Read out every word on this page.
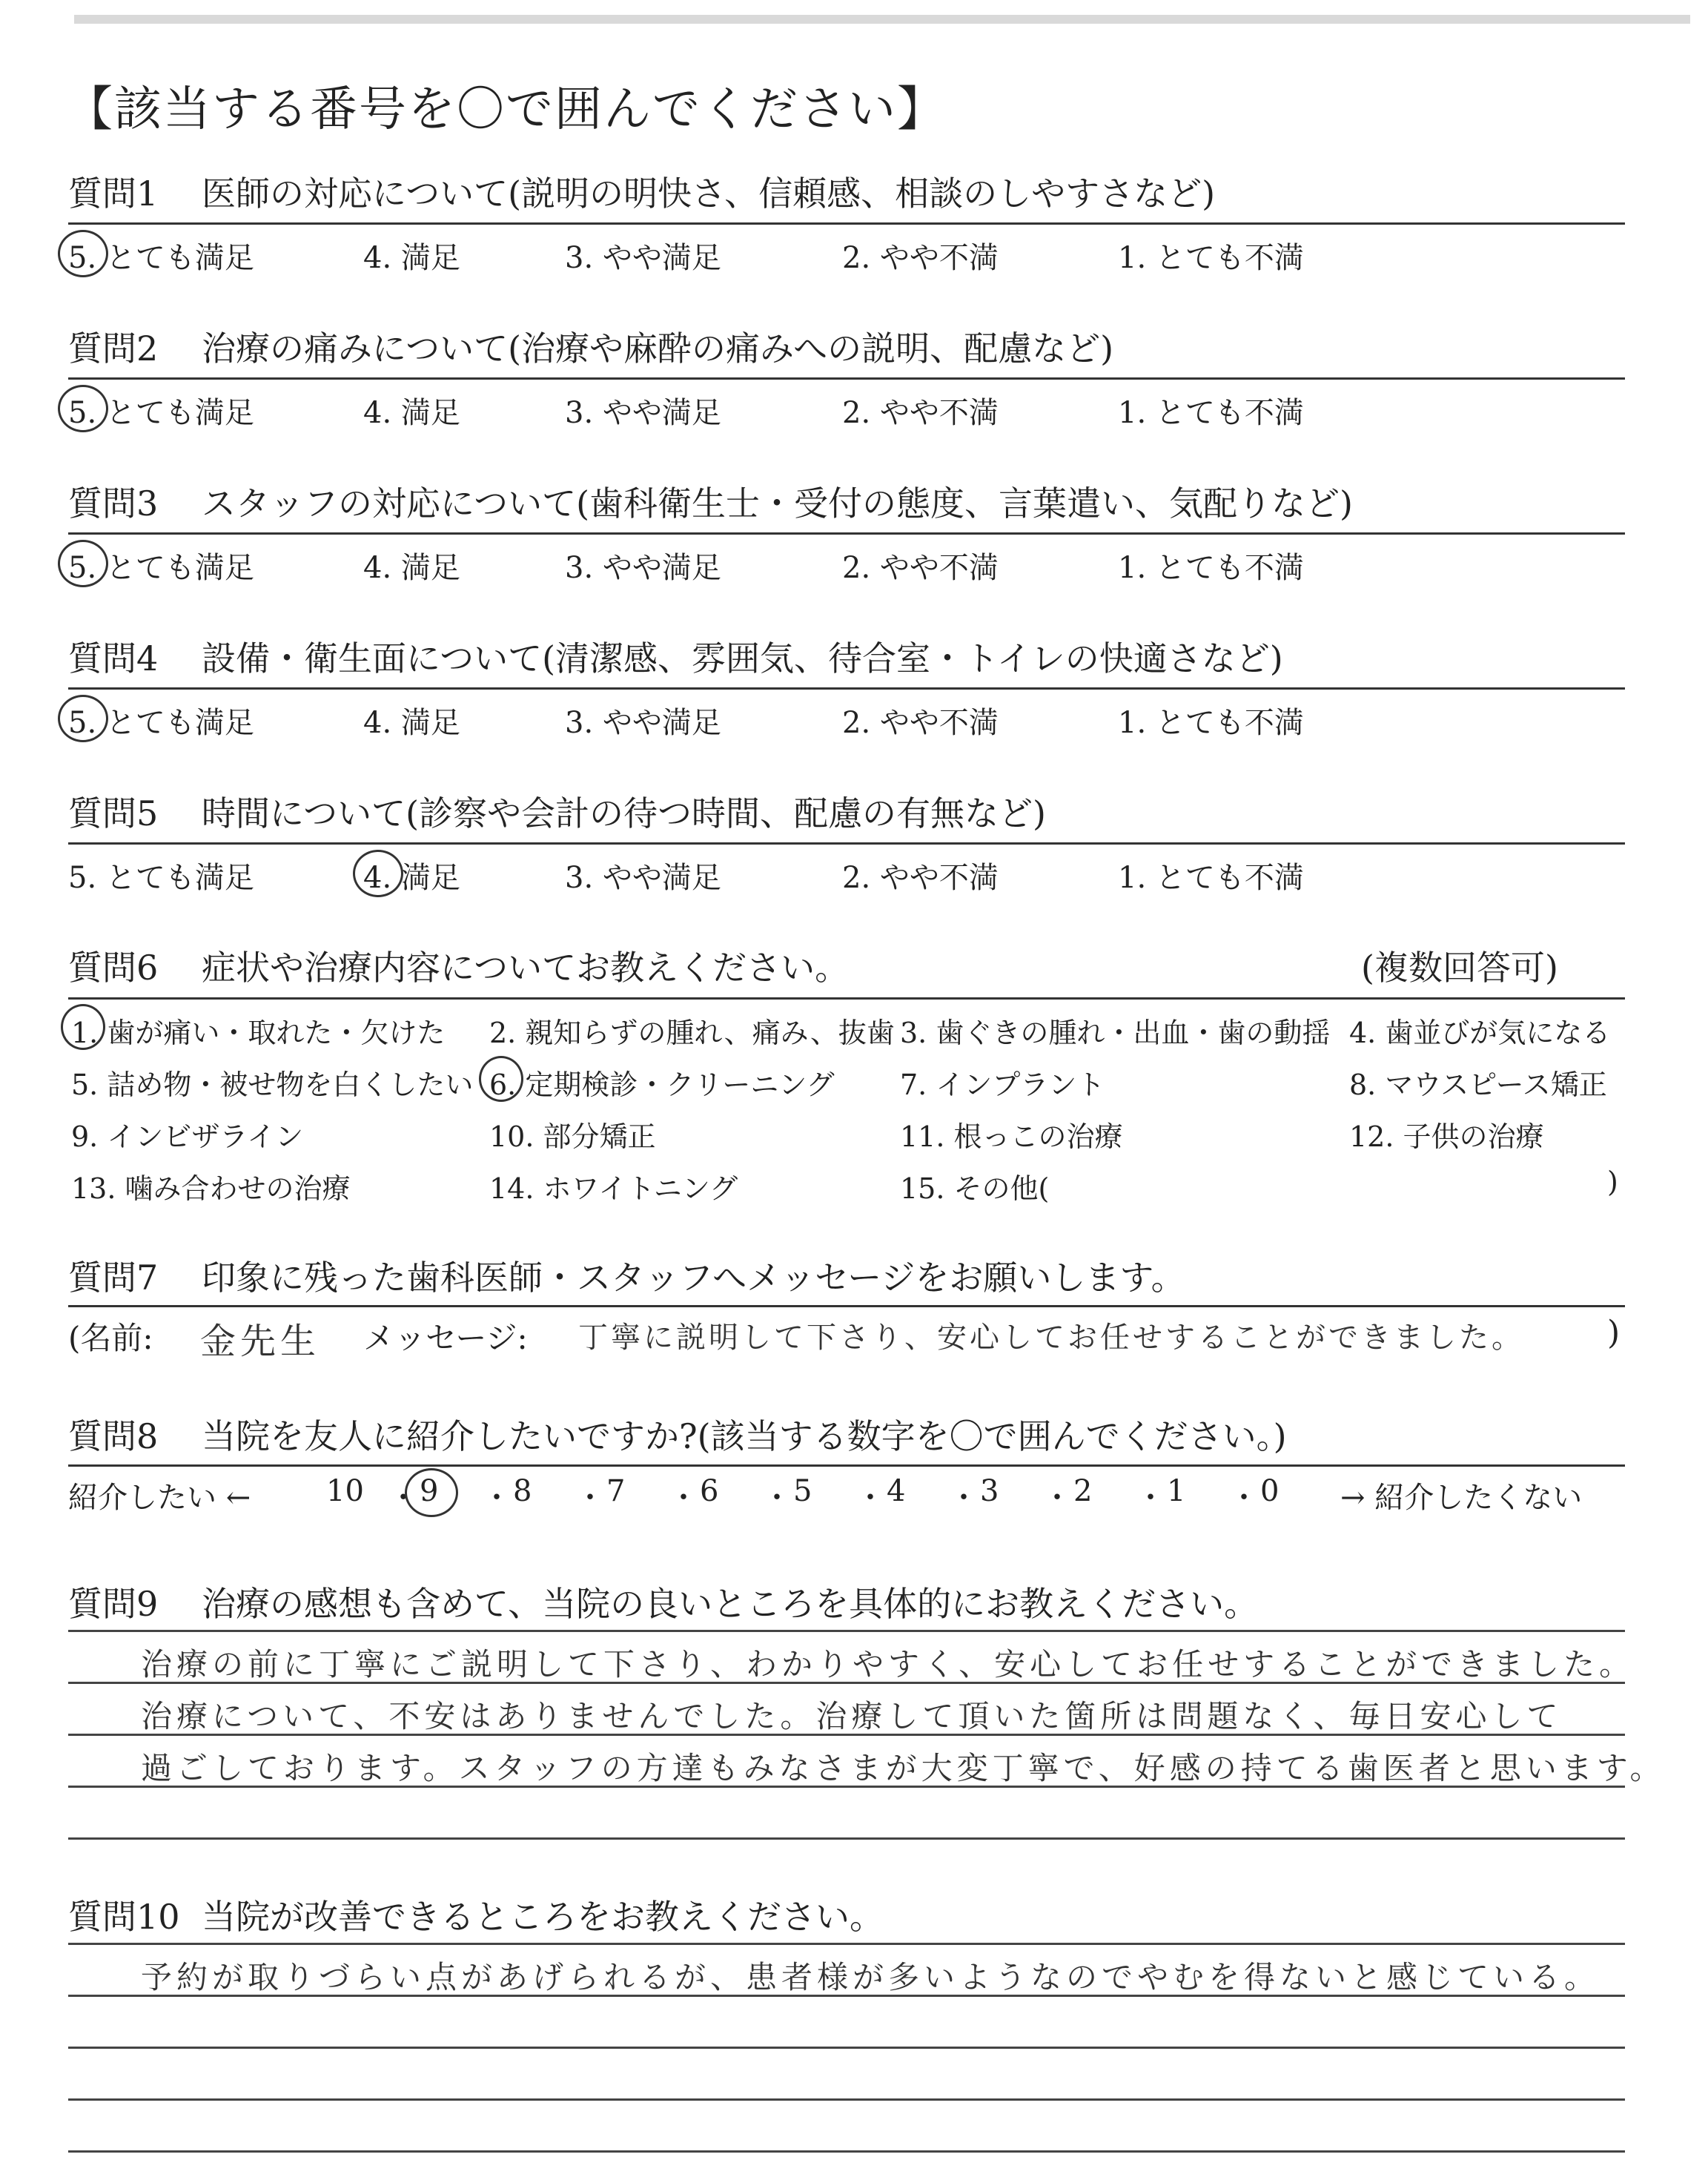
【該当する番号を〇で囲んでください】
質問1 医師の対応について(説明の明快さ、信頼感、相談のしやすさなど)
5. とても満足	4. 満足	3. やや満足	2. やや不満	1. とても不満
質問2 治療の痛みについて(治療や麻酔の痛みへの説明、配慮など)
5. とても満足	4. 満足	3. やや満足	2. やや不満	1. とても不満
質問3 スタッフの対応について(歯科衛生士・受付の態度、言葉遣い、気配りなど)
5. とても満足	4. 満足	3. やや満足	2. やや不満	1. とても不満
質問4 設備・衛生面について(清潔感、雰囲気、待合室・トイレの快適さなど)
5. とても満足	4. 満足	3. やや満足	2. やや不満	1. とても不満
質問5 時間について(診察や会計の待つ時間、配慮の有無など)
5. とても満足	4. 満足	3. やや満足	2. やや不満	1. とても不満
質問6 症状や治療内容についてお教えください。	(複数回答可)
1. 歯が痛い・取れた・欠けた 2. 親知らずの腫れ、痛み、抜歯 3. 歯ぐきの腫れ・出血・歯の動揺 4. 歯並びが気になる
5. 詰め物・被せ物を白くしたい 6. 定期検診・クリーニング 7. インプラント	8. マウスピース矯正
9. インビザライン	10. 部分矯正	11. 根っこの治療	12. 子供の治療
13. 噛み合わせの治療	14. ホワイトニング	15. その他(	)
質問7 印象に残った歯科医師・スタッフへメッセージをお願いします。
(名前: 金先生 メッセージ: 丁寧に説明して下さり、安心してお任せすることができました。	)
質問8 当院を友人に紹介したいですか?(該当する数字を〇で囲んでください。)
紹介したい ←	10 ・ 9 ・ 8 ・ 7 ・ 6 ・ 5 ・ 4 ・ 3 ・ 2 ・ 1 ・ 0 → 紹介したくない
質問9 治療の感想も含めて、当院の良いところを具体的にお教えください。
治療の前に丁寧にご説明して下さり、わかりやすく、安心してお任せすることができました。
治療について、不安はありませんでした。治療して頂いた箇所は問題なく、毎日安心して
過ごしております。スタッフの方達もみなさまが大変丁寧で、好感の持てる歯医者と思います。
質問10 当院が改善できるところをお教えください。
予約が取りづらい点があげられるが、患者様が多いようなのでやむを得ないと感じている。
